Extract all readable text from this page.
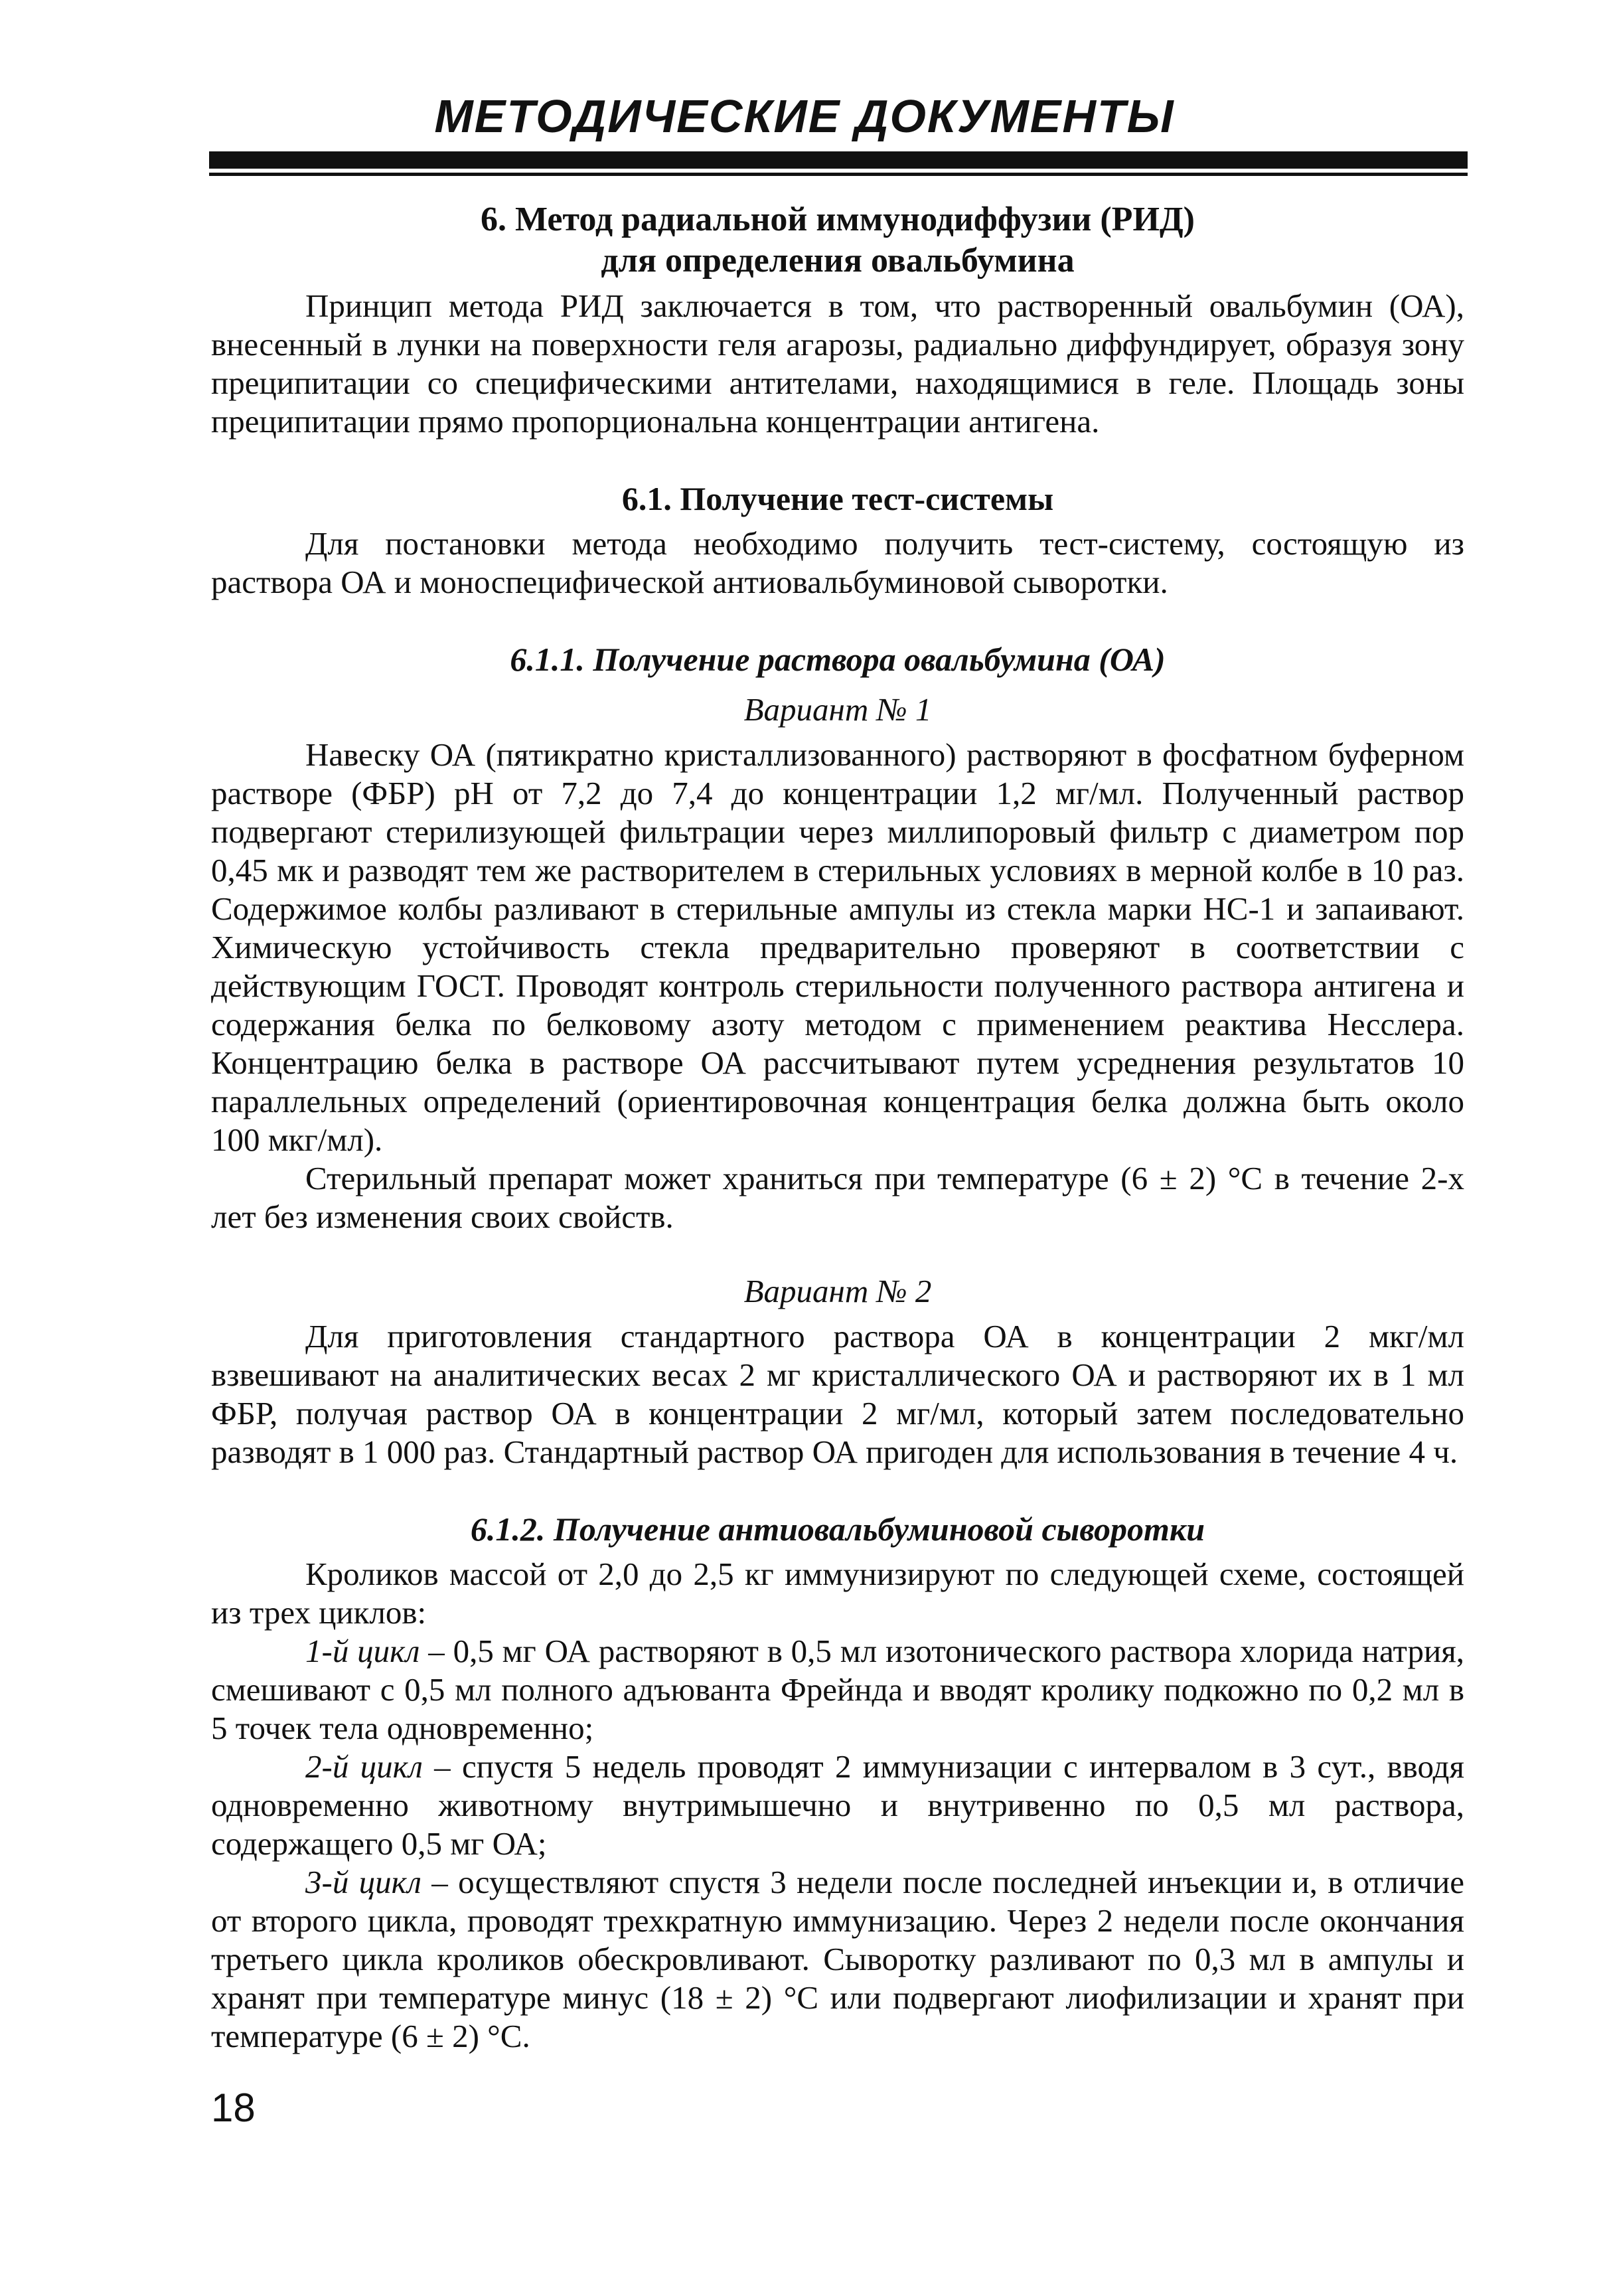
МЕТОДИЧЕСКИЕ ДОКУМЕНТЫ
6. Метод радиальной иммунодиффузии (РИД)
для определения овальбумина

Принцип метода РИД заключается в том, что растворенный овальбумин (ОА), внесенный в лунки на поверхности геля агарозы, радиально диффундирует, образуя зону преципитации со специфическими антителами, находящимися в геле. Площадь зоны преципитации прямо пропорциональна концентрации антигена.

6.1. Получение тест-системы

Для постановки метода необходимо получить тест-систему, состоящую из раствора ОА и моноспецифической антиовальбуминовой сыворотки.

6.1.1. Получение раствора овальбумина (ОА)
Вариант № 1

Навеску ОА (пятикратно кристаллизованного) растворяют в фосфатном буферном растворе (ФБР) pH от 7,2 до 7,4 до концентрации 1,2 мг/мл. Полученный раствор подвергают стерилизующей фильтрации через миллипоровый фильтр с диаметром пор 0,45 мк и разводят тем же растворителем в стерильных условиях в мерной колбе в 10 раз. Содержимое колбы разливают в стерильные ампулы из стекла марки НС-1 и запаивают. Химическую устойчивость стекла предварительно проверяют в соответствии с действующим ГОСТ. Проводят контроль стерильности полученного раствора антигена и содержания белка по белковому азоту методом с применением реактива Несслера. Концентрацию белка в растворе ОА рассчитывают путем усреднения результатов 10 параллельных определений (ориентировочная концентрация белка должна быть около 100 мкг/мл).

Стерильный препарат может храниться при температуре (6 ± 2) °С в течение 2-х лет без изменения своих свойств.

Вариант № 2

Для приготовления стандартного раствора ОА в концентрации 2 мкг/мл взвешивают на аналитических весах 2 мг кристаллического ОА и растворяют их в 1 мл ФБР, получая раствор ОА в концентрации 2 мг/мл, который затем последовательно разводят в 1 000 раз. Стандартный раствор ОА пригоден для использования в течение 4 ч.

6.1.2. Получение антиовальбуминовой сыворотки

Кроликов массой от 2,0 до 2,5 кг иммунизируют по следующей схеме, состоящей из трех циклов:

1-й цикл – 0,5 мг ОА растворяют в 0,5 мл изотонического раствора хлорида натрия, смешивают с 0,5 мл полного адъюванта Фрейнда и вводят кролику подкожно по 0,2 мл в 5 точек тела одновременно;

2-й цикл – спустя 5 недель проводят 2 иммунизации с интервалом в 3 сут., вводя одновременно животному внутримышечно и внутривенно по 0,5 мл раствора, содержащего 0,5 мг ОА;

3-й цикл – осуществляют спустя 3 недели после последней инъекции и, в отличие от второго цикла, проводят трехкратную иммунизацию. Через 2 недели после окончания третьего цикла кроликов обескровливают. Сыворотку разливают по 0,3 мл в ампулы и хранят при температуре минус (18 ± 2) °С или подвергают лиофилизации и хранят при температуре (6 ± 2) °С.

18
